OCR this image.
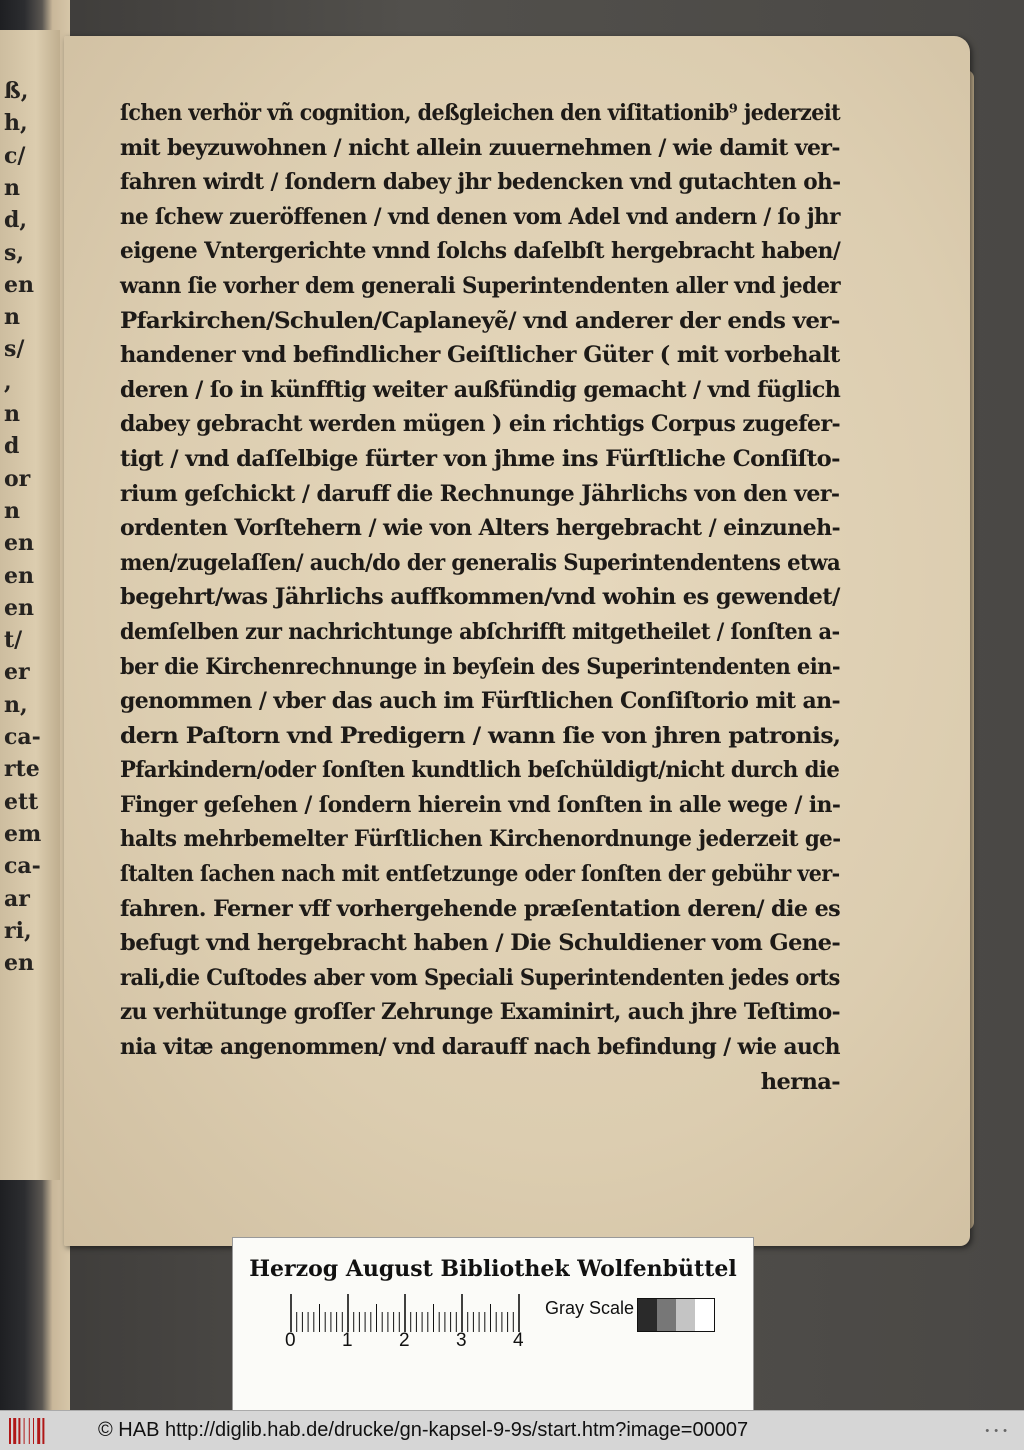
ß,
h,
c/
n
d,
s,
en
n
s/
,
n
d
or
n
en
en
en
t/
er
n,
ca-
rte
ett
em
ca-
ar
ri,
en
ſchen verhör vñ cognition, deßgleichen den viſitationib⁹ jederzeit
mit beyzuwohnen / nicht allein zuuernehmen / wie damit ver-
fahren wirdt / ſondern dabey jhr bedencken vnd gutachten oh-
ne ſchew zueröffenen / vnd denen vom Adel vnd andern / ſo jhr
eigene Vntergerichte vnnd ſolchs daſelbſt hergebracht haben/
wann ſie vorher dem generali Superintendenten aller vnd jeder
Pfarkirchen/Schulen/Caplaneyẽ/ vnd anderer der ends ver-
handener vnd befindlicher Geiſtlicher Güter ( mit vorbehalt
deren / ſo in künfftig weiter außfündig gemacht / vnd füglich
dabey gebracht werden mügen ) ein richtigs Corpus zugefer-
tigt / vnd daſſelbige fürter von jhme ins Fürſtliche Conſiſto-
rium geſchickt / daruff die Rechnunge Jährlichs von den ver-
ordenten Vorſtehern / wie von Alters hergebracht / einzuneh-
men/zugelaſſen/ auch/do der generalis Superintendentens etwa
begehrt/was Jährlichs auffkommen/vnd wohin es gewendet/
demſelben zur nachrichtunge abſchrifft mitgetheilet / ſonſten a-
ber die Kirchenrechnunge in beyſein des Superintendenten ein-
genommen / vber das auch im Fürſtlichen Conſiſtorio mit an-
dern Paſtorn vnd Predigern / wann ſie von jhren patronis,
Pfarkindern/oder ſonſten kundtlich beſchüldigt/nicht durch die
Finger geſehen / ſondern hierein vnd ſonſten in alle wege / in-
halts mehrbemelter Fürſtlichen Kirchenordnunge jederzeit ge-
ſtalten ſachen nach mit entſetzunge oder ſonſten der gebühr ver-
fahren. Ferner vff vorhergehende præſentation deren/ die es
befugt vnd hergebracht haben / Die Schuldiener vom Gene-
rali,die Cuſtodes aber vom Speciali Superintendenten jedes orts
zu verhütunge groſſer Zehrunge Examinirt, auch jhre Teſtimo-
nia vitæ angenommen/ vnd darauff nach befindung / wie auch
herna-
Herzog August Bibliothek Wolfenbüttel
0 1 2 3 4
Gray Scale
© HAB http://diglib.hab.de/drucke/gn-kapsel-9-9s/start.htm?image=00007	• • •
